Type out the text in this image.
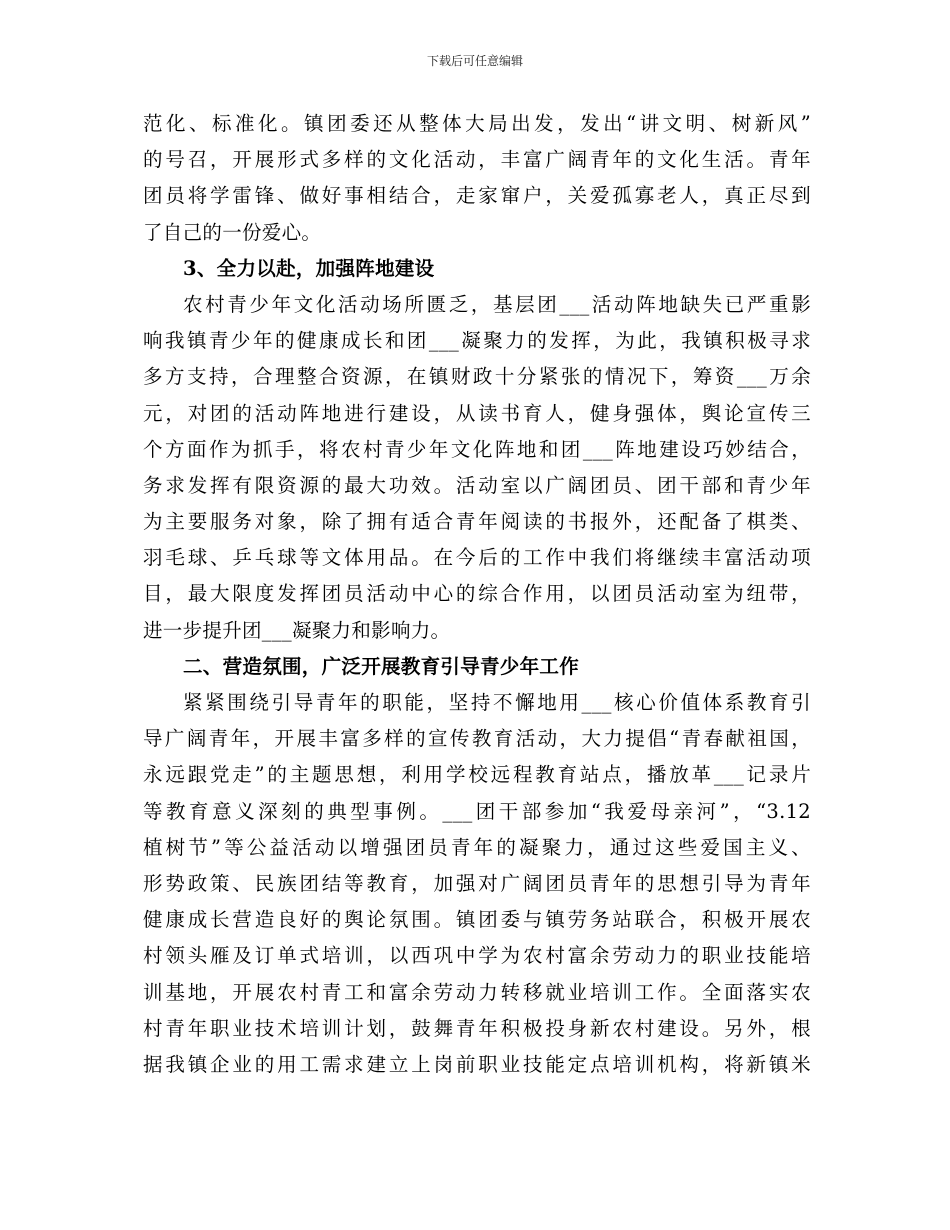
下载后可任意编辑
范化、标准化。镇团委还从整体大局出发，发出“讲文明、树新风”
的号召，开展形式多样的文化活动，丰富广阔青年的文化生活。青年
团员将学雷锋、做好事相结合，走家窜户，关爱孤寡老人，真正尽到
了自己的一份爱心。
3、全力以赴，加强阵地建设
农村青少年文化活动场所匮乏，基层团___活动阵地缺失已严重影
响我镇青少年的健康成长和团___凝聚力的发挥，为此，我镇积极寻求
多方支持，合理整合资源，在镇财政十分紧张的情况下，筹资___万余
元，对团的活动阵地进行建设，从读书育人，健身强体，舆论宣传三
个方面作为抓手，将农村青少年文化阵地和团___阵地建设巧妙结合，
务求发挥有限资源的最大功效。活动室以广阔团员、团干部和青少年
为主要服务对象，除了拥有适合青年阅读的书报外，还配备了棋类、
羽毛球、乒乓球等文体用品。在今后的工作中我们将继续丰富活动项
目，最大限度发挥团员活动中心的综合作用，以团员活动室为纽带，
进一步提升团___凝聚力和影响力。
二、营造氛围，广泛开展教育引导青少年工作
紧紧围绕引导青年的职能，坚持不懈地用___核心价值体系教育引
导广阔青年，开展丰富多样的宣传教育活动，大力提倡“青春献祖国，
永远跟党走”的主题思想，利用学校远程教育站点，播放革___记录片
等教育意义深刻的典型事例。___团干部参加“我爱母亲河”，“3.12
植树节”等公益活动以增强团员青年的凝聚力，通过这些爱国主义、
形势政策、民族团结等教育，加强对广阔团员青年的思想引导为青年
健康成长营造良好的舆论氛围。镇团委与镇劳务站联合，积极开展农
村领头雁及订单式培训，以西巩中学为农村富余劳动力的职业技能培
训基地，开展农村青工和富余劳动力转移就业培训工作。全面落实农
村青年职业技术培训计划，鼓舞青年积极投身新农村建设。另外，根
据我镇企业的用工需求建立上岗前职业技能定点培训机构，将新镇米
